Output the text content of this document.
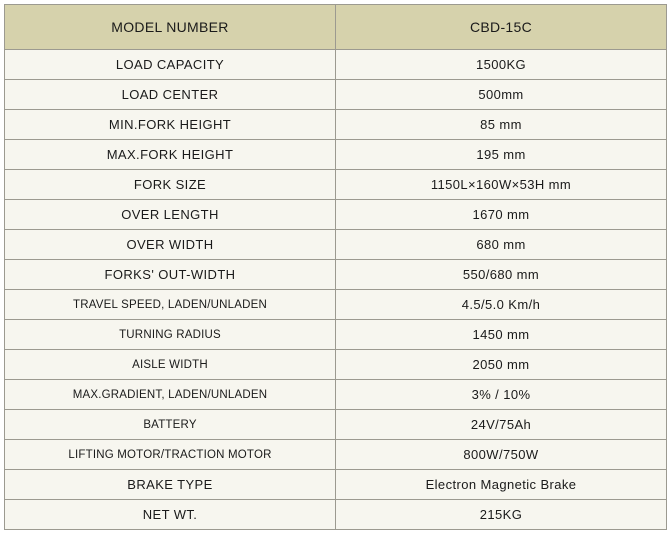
MODEL NUMBER	CBD-15C
LOAD CAPACITY	1500KG
LOAD CENTER	500mm
MIN.FORK HEIGHT	85 mm
MAX.FORK HEIGHT	195 mm
FORK SIZE	1150L×160W×53H mm
OVER LENGTH	1670 mm
OVER WIDTH	680 mm
FORKS' OUT-WIDTH	550/680 mm
TRAVEL SPEED, LADEN/UNLADEN	4.5/5.0 Km/h
TURNING RADIUS	1450 mm
AISLE WIDTH	2050 mm
MAX.GRADIENT, LADEN/UNLADEN	3% / 10%
BATTERY	24V/75Ah
LIFTING MOTOR/TRACTION MOTOR	800W/750W
BRAKE TYPE	Electron Magnetic Brake
NET WT.	215KG
